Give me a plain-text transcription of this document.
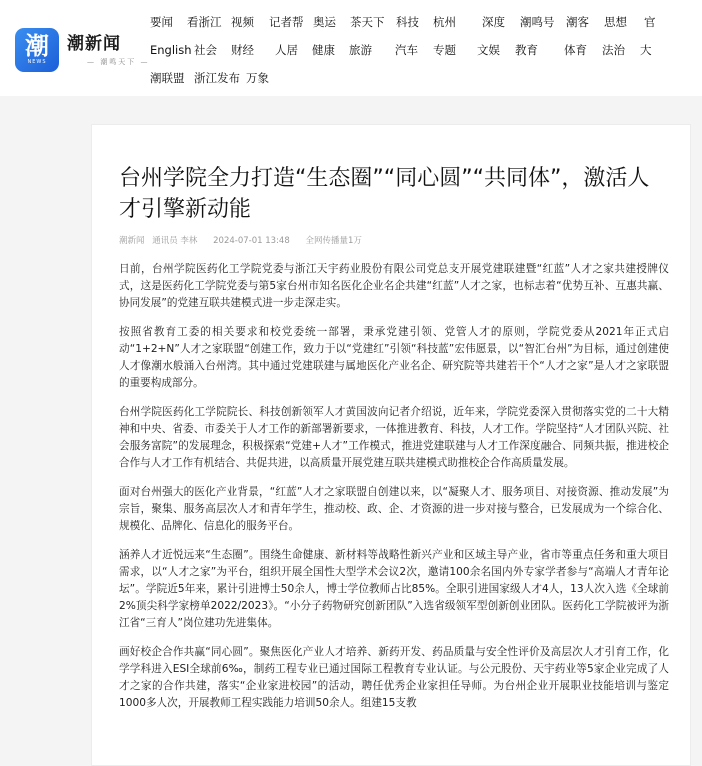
潮
NEWS
潮新闻
— 潮鸣天下 —
要闻	看浙江 视频	记者帮 奥运	茶天下	科技	杭州	深度	潮鸣号	潮客	思想	官
English 社会	财经	人居	健康	旅游	汽车	专题	文娱	教育	体育	法治	大
潮联盟 浙江发布 万象
台州学院全力打造“生态圈”“同心圆”“共同体”，激活人才引擎新动能
潮新闻 通讯员 李林 2024-07-01 13:48 全网传播量1万

日前，台州学院医药化工学院党委与浙江天宇药业股份有限公司党总支开展党建联建暨“红蓝”人才之家共建授牌仪式，这是医药化工学院党委与第5家台州市知名医化企业名企共建“红蓝”人才之家，也标志着“优势互补、互惠共赢、协同发展”的党建互联共建模式进一步走深走实。

按照省教育工委的相关要求和校党委统一部署，秉承党建引领、党管人才的原则，学院党委从2021年正式启动“1+2+N”人才之家联盟“创建工作，致力于以“党建红”引领“科技蓝”宏伟愿景，以“智汇台州”为目标，通过创建使人才像潮水般涌入台州湾。其中通过党建联建与属地医化产业名企、研究院等共建若干个“人才之家”是人才之家联盟的重要构成部分。

台州学院医药化工学院院长、科技创新领军人才黄国波向记者介绍说，近年来，学院党委深入贯彻落实党的二十大精神和中央、省委、市委关于人才工作的新部署新要求，一体推进教育、科技，人才工作。学院坚持“人才团队兴院、社会服务富院”的发展理念，积极探索“党建+人才”工作模式，推进党建联建与人才工作深度融合、同频共振，推进校企合作与人才工作有机结合、共促共进，以高质量开展党建互联共建模式助推校企合作高质量发展。

面对台州强大的医化产业背景，“红蓝”人才之家联盟自创建以来，以“凝聚人才、服务项目、对接资源、推动发展”为宗旨，聚集、服务高层次人才和青年学生，推动校、政、企、才资源的进一步对接与整合，已发展成为一个综合化、规模化、品牌化、信息化的服务平台。

涵养人才近悦远来“生态圈”。围绕生命健康、新材料等战略性新兴产业和区域主导产业，省市等重点任务和重大项目需求，以“人才之家”为平台，组织开展全国性大型学术会议2次，邀请100余名国内外专家学者参与“高端人才青年论坛”。学院近5年来，累计引进博士50余人，博士学位教师占比85%。全职引进国家级人才4人，13人次入选《全球前2%顶尖科学家榜单2022/2023》。“小分子药物研究创新团队”入选省级领军型创新创业团队。医药化工学院被评为浙江省“三育人”岗位建功先进集体。

画好校企合作共赢“同心圆”。聚焦医化产业人才培养、新药开发、药品质量与安全性评价及高层次人才引育工作，化学学科进入ESI全球前6‰，制药工程专业已通过国际工程教育专业认证。与公元股份、天宇药业等5家企业完成了人才之家的合作共建，落实“企业家进校园”的活动，聘任优秀企业家担任导师。为台州企业开展职业技能培训与鉴定1000多人次，开展教师工程实践能力培训50余人。组建15支教
